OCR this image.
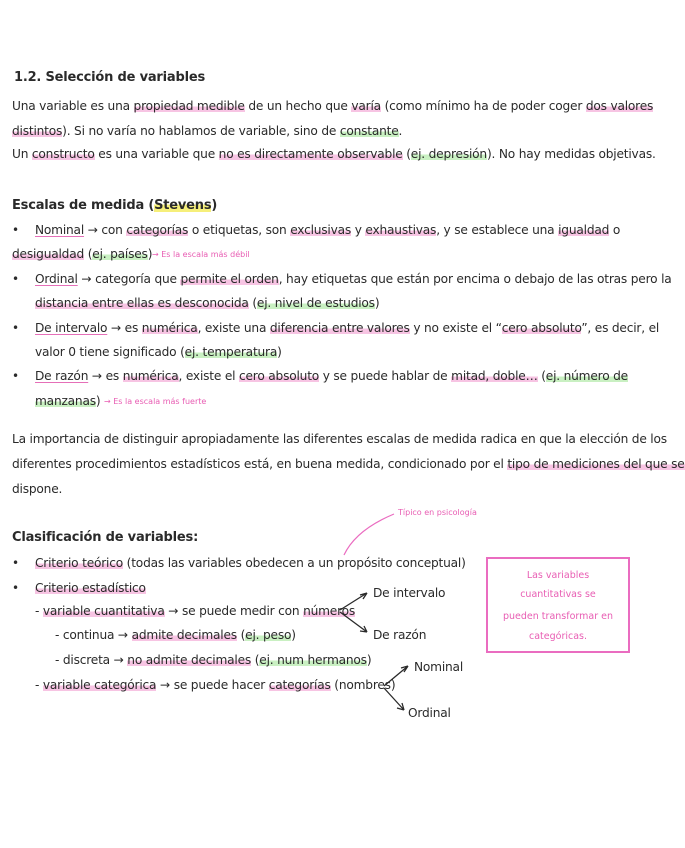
1.2. Selección de variables
Una variable es una propiedad medible de un hecho que varía (como mínimo ha de poder coger dos valores
distintos). Si no varía no hablamos de variable, sino de constante.
Un constructo es una variable que no es directamente observable (ej. depresión). No hay medidas objetivas.
Escalas de medida (Stevens)
• Nominal → con categorías o etiquetas, son exclusivas y exhaustivas, y se establece una igualdad o
desigualdad (ej. países) → Es la escala más débil
• Ordinal → categoría que permite el orden, hay etiquetas que están por encima o debajo de las otras pero la
distancia entre ellas es desconocida (ej. nivel de estudios)
• De intervalo → es numérica, existe una diferencia entre valores y no existe el “cero absoluto”, es decir, el
valor 0 tiene significado (ej. temperatura)
• De razón → es numérica, existe el cero absoluto y se puede hablar de mitad, doble… (ej. número de
manzanas) → Es la escala más fuerte
La importancia de distinguir apropiadamente las diferentes escalas de medida radica en que la elección de los
diferentes procedimientos estadísticos está, en buena medida, condicionado por el tipo de mediciones del que se
dispone.
Típico en psicología
Clasificación de variables:
• Criterio teórico (todas las variables obedecen a un propósito conceptual)
• Criterio estadístico
- variable cuantitativa → se puede medir con números
- continua → admite decimales (ej. peso)
- discreta → no admite decimales (ej. num hermanos)
- variable categórica → se puede hacer categorías (nombres)
De intervalo
De razón
Nominal
Ordinal
Las variables
cuantitativas se
pueden transformar en
categóricas.
